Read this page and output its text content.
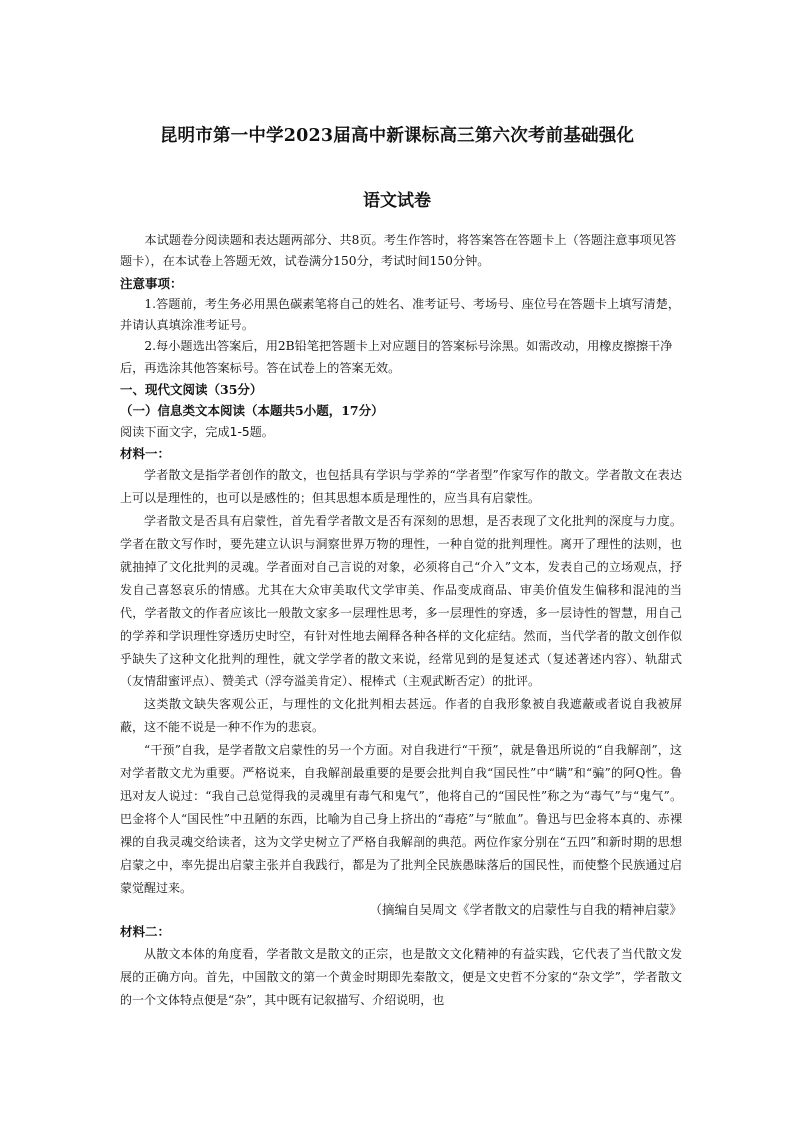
昆明市第一中学2023届高中新课标高三第六次考前基础强化
语文试卷

本试题卷分阅读题和表达题两部分、共8页。考生作答时，将答案答在答题卡上（答题注意事项见答题卡），在本试卷上答题无效，试卷满分150分，考试时间150分钟。

注意事项：

1.答题前，考生务必用黑色碳素笔将自己的姓名、准考证号、考场号、座位号在答题卡上填写清楚，并请认真填涂准考证号。

2.每小题选出答案后，用2B铅笔把答题卡上对应题目的答案标号涂黑。如需改动，用橡皮擦擦干净后，再选涂其他答案标号。答在试卷上的答案无效。

一、现代文阅读（35分）

（一）信息类文本阅读（本题共5小题，17分）

阅读下面文字，完成1-5题。

材料一：

学者散文是指学者创作的散文，也包括具有学识与学养的“学者型”作家写作的散文。学者散文在表达上可以是理性的，也可以是感性的；但其思想本质是理性的，应当具有启蒙性。

学者散文是否具有启蒙性，首先看学者散文是否有深刻的思想，是否表现了文化批判的深度与力度。学者在散文写作时，要先建立认识与洞察世界万物的理性，一种自觉的批判理性。离开了理性的法则，也就抽掉了文化批判的灵魂。学者面对自己言说的对象，必须将自己“介入”文本，发表自己的立场观点，抒发自己喜怒哀乐的情感。尤其在大众审美取代文学审美、作品变成商品、审美价值发生偏移和混沌的当代，学者散文的作者应该比一般散文家多一层理性思考，多一层理性的穿透，多一层诗性的智慧，用自己的学养和学识理性穿透历史时空，有针对性地去阐释各种各样的文化症结。然而，当代学者的散文创作似乎缺失了这种文化批判的理性，就文学学者的散文来说，经常见到的是复述式（复述著述内容）、轨甜式（友情甜蜜评点）、赞美式（浮夸溢美肯定）、棍棒式（主观武断否定）的批评。

这类散文缺失客观公正，与理性的文化批判相去甚远。作者的自我形象被自我遮蔽或者说自我被屏蔽，这不能不说是一种不作为的悲哀。

“干预”自我，是学者散文启蒙性的另一个方面。对自我进行“干预”，就是鲁迅所说的“自我解剖”，这对学者散文尤为重要。严格说来，自我解剖最重要的是要会批判自我“国民性”中“瞒”和“骗”的阿Q性。鲁迅对友人说过：“我自己总觉得我的灵魂里有毒气和鬼气”，他将自己的“国民性”称之为“毒气”与“鬼气”。巴金将个人“国民性”中丑陋的东西，比喻为自己身上挤出的“毒疮”与“脓血”。鲁迅与巴金将本真的、赤裸裸的自我灵魂交给读者，这为文学史树立了严格自我解剖的典范。两位作家分别在“五四”和新时期的思想启蒙之中，率先提出启蒙主张并自我践行，都是为了批判全民族愚昧落后的国民性，而使整个民族通过启蒙觉醒过来。

（摘编自吴周文《学者散文的启蒙性与自我的精神启蒙》

材料二：

从散文本体的角度看，学者散文是散文的正宗，也是散文文化精神的有益实践，它代表了当代散文发展的正确方向。首先，中国散文的第一个黄金时期即先秦散文，便是文史哲不分家的“杂文学”，学者散文的一个文体特点便是“杂”，其中既有记叙描写、介绍说明，也
